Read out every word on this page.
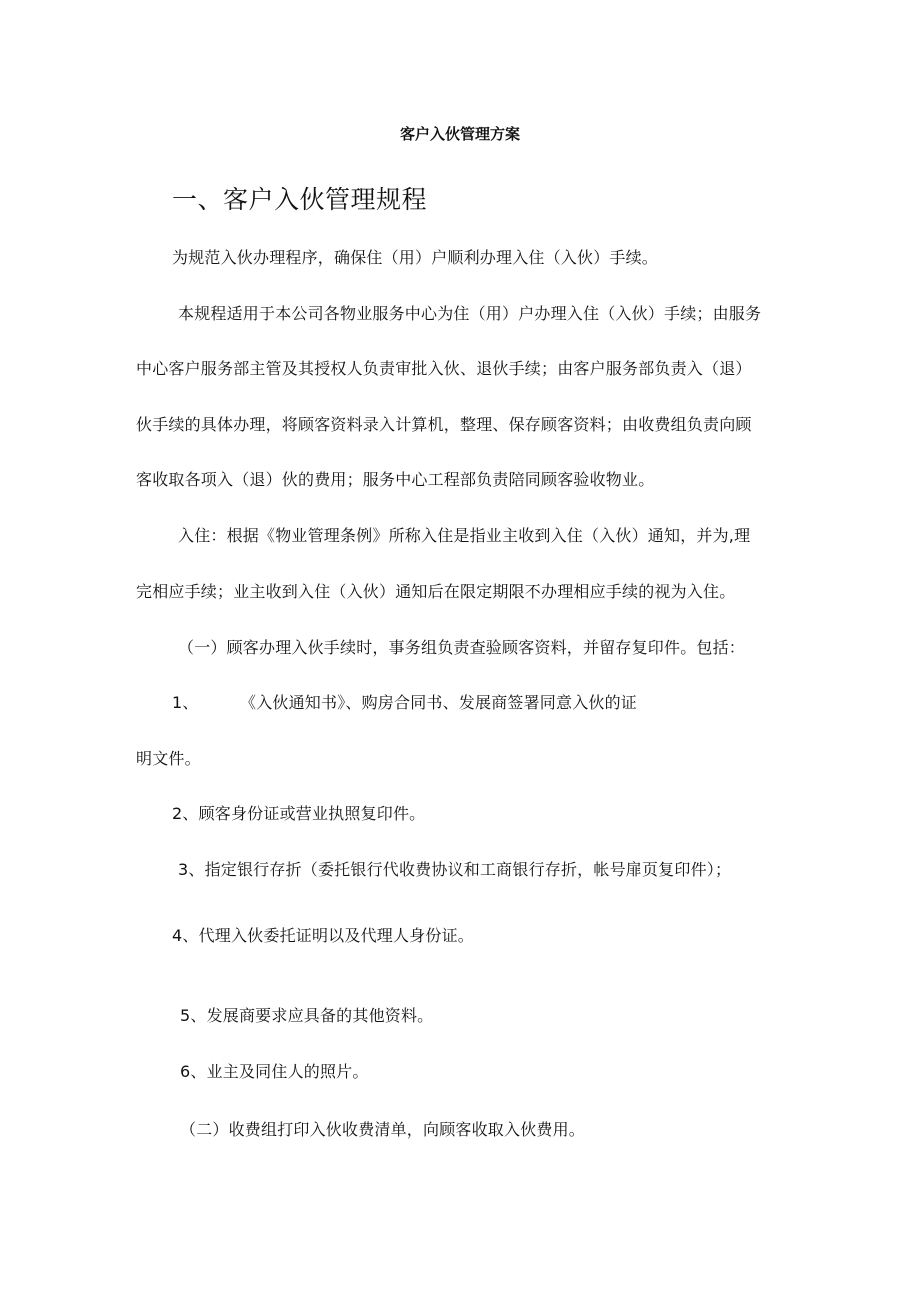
客户入伙管理方案
一、客户入伙管理规程
为规范入伙办理程序，确保住（用）户顺利办理入住（入伙）手续。
本规程适用于本公司各物业服务中心为住（用）户办理入住（入伙）手续；由服务
中心客户服务部主管及其授权人负责审批入伙、退伙手续；由客户服务部负责入（退）
伙手续的具体办理，将顾客资料录入计算机，整理、保存顾客资料；由收费组负责向顾
客收取各项入（退）伙的费用；服务中心工程部负责陪同顾客验收物业。
入住：根据《物业管理条例》所称入住是指业主收到入住（入伙）通知，并为,理
完相应手续；业主收到入住（入伙）通知后在限定期限不办理相应手续的视为入住。
（一）顾客办理入伙手续时，事务组负责查验顾客资料，并留存复印件。包括：
1、	《入伙通知书》、购房合同书、发展商签署同意入伙的证
明文件。
2、顾客身份证或营业执照复印件。
3、指定银行存折（委托银行代收费协议和工商银行存折，帐号扉页复印件）；
4、代理入伙委托证明以及代理人身份证。
5、发展商要求应具备的其他资料。
6、业主及同住人的照片。
（二）收费组打印入伙收费清单，向顾客收取入伙费用。
